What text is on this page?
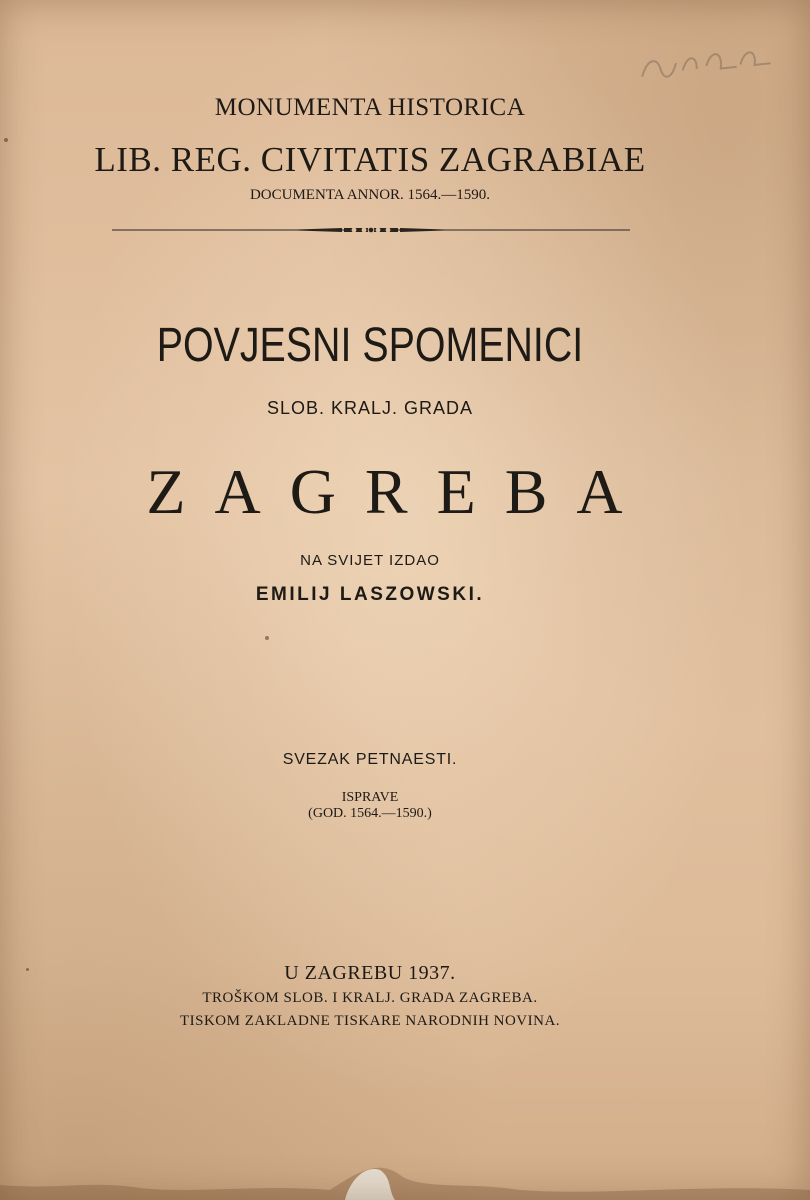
MONUMENTA HISTORICA
LIB. REG. CIVITATIS ZAGRABIAE
DOCUMENTA ANNOR. 1564.—1590.
POVJESNI SPOMENICI
SLOB. KRALJ. GRADA
ZAGREBA
NA SVIJET IZDAO
EMILIJ LASZOWSKI.
SVEZAK PETNAESTI.
ISPRAVE
(GOD. 1564.—1590.)
U ZAGREBU 1937.
TROŠKOM SLOB. I KRALJ. GRADA ZAGREBA.
TISKOM ZAKLADNE TISKARE NARODNIH NOVINA.
